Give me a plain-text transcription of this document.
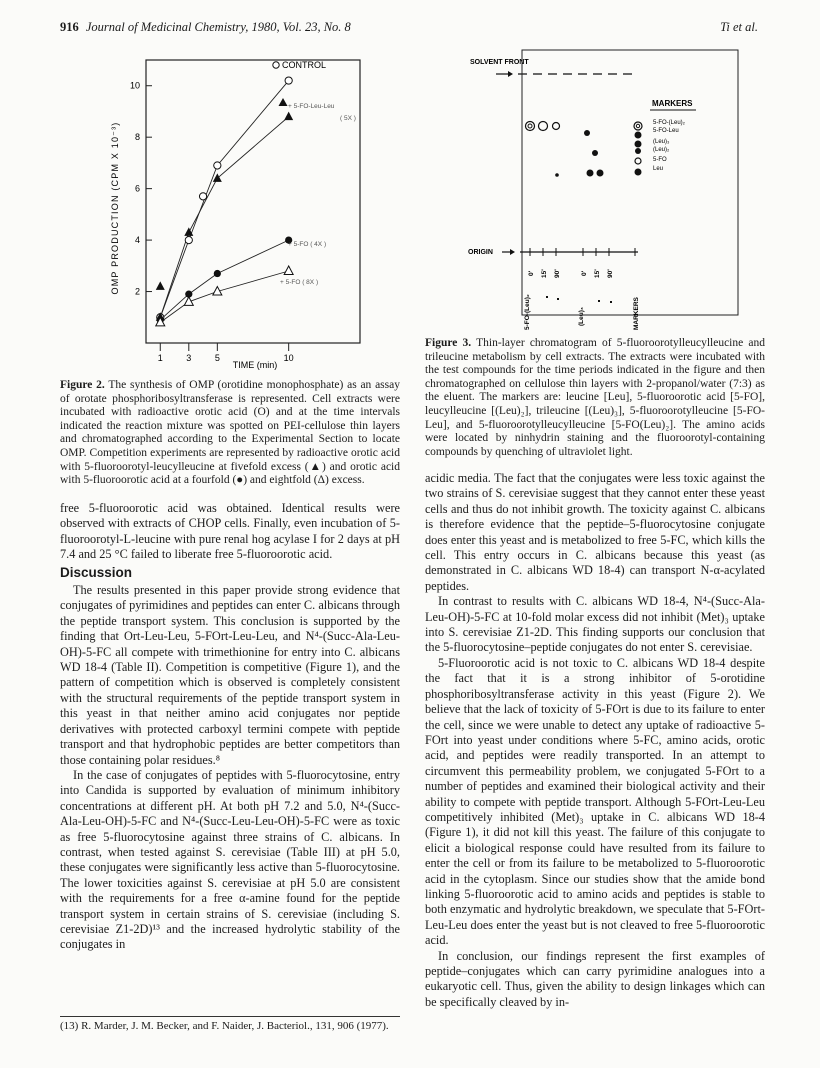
916 Journal of Medicinal Chemistry, 1980, Vol. 23, No. 8	Ti et al.
2
4
6
8
10
1	3	5	10
CONTROL
+ 5-FO-Leu-Leu
( 5X )
+ 5-FO ( 4X )
+ 5-FO ( 8X )
TIME (min)
OMP PRODUCTION (CPM X 10⁻³)
Figure 2. The synthesis of OMP (orotidine monophosphate) as an assay of orotate phosphoribosyltransferase is represented. Cell extracts were incubated with radioactive orotic acid (O) and at the time intervals indicated the reaction mixture was spotted on PEI-cellulose thin layers and chromatographed according to the Experimental Section to locate OMP. Competition experiments are represented by radioactive orotic acid with 5-fluoroorotyl-leucylleucine at fivefold excess (▲) and orotic acid with 5-fluoroorotic acid at a fourfold (●) and eightfold (Δ) excess.
SOLVENT FRONT
MARKERS
5-FO-(Leu)₂
5-FO-Leu
(Leu)₃
(Leu)₂
5-FO
Leu
ORIGIN
0' 15' 90'	0' 15' 90'
5-FO-(Leu)₂	(Leu)₃	MARKERS
Figure 3. Thin-layer chromatogram of 5-fluoroorotylleucylleucine and trileucine metabolism by cell extracts. The extracts were incubated with the test compounds for the time periods indicated in the figure and then chromatographed on cellulose thin layers with 2-propanol/water (7:3) as the eluent. The markers are: leucine [Leu], 5-fluoroorotic acid [5-FO], leucylleucine [(Leu)₂], trileucine [(Leu)₃], 5-fluoroorotylleucine [5-FO-Leu], and 5-fluoroorotylleucylleucine [5-FO(Leu)₂]. The amino acids were located by ninhydrin staining and the fluoroorotyl-containing compounds by quenching of ultraviolet light.

free 5-fluoroorotic acid was obtained. Identical results were observed with extracts of CHOP cells. Finally, even incubation of 5-fluoroorotyl-L-leucine with pure renal hog acylase I for 2 days at pH 7.4 and 25 °C failed to liberate free 5-fluoroorotic acid.

Discussion

The results presented in this paper provide strong evidence that conjugates of pyrimidines and peptides can enter C. albicans through the peptide transport system. This conclusion is supported by the finding that Ort-Leu-Leu, 5-FOrt-Leu-Leu, and N⁴-(Succ-Ala-Leu-OH)-5-FC all compete with trimethionine for entry into C. albicans WD 18-4 (Table II). Competition is competitive (Figure 1), and the pattern of competition which is observed is completely consistent with the structural requirements of the peptide transport system in this yeast in that neither amino acid conjugates nor peptide derivatives with protected carboxyl termini compete with peptide transport and that hydrophobic peptides are better competitors than those containing polar residues.⁸

In the case of conjugates of peptides with 5-fluorocytosine, entry into Candida is supported by evaluation of minimum inhibitory concentrations at different pH. At both pH 7.2 and 5.0, N⁴-(Succ-Ala-Leu-OH)-5-FC and N⁴-(Succ-Leu-Leu-OH)-5-FC were as toxic as free 5-fluorocytosine against three strains of C. albicans. In contrast, when tested against S. cerevisiae (Table III) at pH 5.0, these conjugates were significantly less active than 5-fluorocytosine. The lower toxicities against S. cerevisiae at pH 5.0 are consistent with the requirements for a free α-amine found for the peptide transport system in certain strains of S. cerevisiae (including S. cerevisiae Z1-2D)¹³ and the increased hydrolytic stability of the conjugates in

(13) R. Marder, J. M. Becker, and F. Naider, J. Bacteriol., 131, 906 (1977).

acidic media. The fact that the conjugates were less toxic against the two strains of S. cerevisiae suggest that they cannot enter these yeast cells and thus do not inhibit growth. The toxicity against C. albicans is therefore evidence that the peptide–5-fluorocytosine conjugate does enter this yeast and is metabolized to free 5-FC, which kills the cell. This entry occurs in C. albicans because this yeast (as demonstrated in C. albicans WD 18-4) can transport N-α-acylated peptides.

In contrast to results with C. albicans WD 18-4, N⁴-(Succ-Ala-Leu-OH)-5-FC at 10-fold molar excess did not inhibit (Met)₃ uptake into S. cerevisiae Z1-2D. This finding supports our conclusion that the 5-fluorocytosine–peptide conjugates do not enter S. cerevisiae.

5-Fluoroorotic acid is not toxic to C. albicans WD 18-4 despite the fact that it is a strong inhibitor of 5-orotidine phosphoribosyltransferase activity in this yeast (Figure 2). We believe that the lack of toxicity of 5-FOrt is due to its failure to enter the cell, since we were unable to detect any uptake of radioactive 5-FOrt into yeast under conditions where 5-FC, amino acids, orotic acid, and peptides were readily transported. In an attempt to circumvent this permeability problem, we conjugated 5-FOrt to a number of peptides and examined their biological activity and their ability to compete with peptide transport. Although 5-FOrt-Leu-Leu competitively inhibited (Met)₃ uptake in C. albicans WD 18-4 (Figure 1), it did not kill this yeast. The failure of this conjugate to elicit a biological response could have resulted from its failure to enter the cell or from its failure to be metabolized to 5-fluoroorotic acid in the cytoplasm. Since our studies show that the amide bond linking 5-fluoroorotic acid to amino acids and peptides is stable to both enzymatic and hydrolytic breakdown, we speculate that 5-FOrt-Leu-Leu does enter the yeast but is not cleaved to free 5-fluoroorotic acid.

In conclusion, our findings represent the first examples of peptide–conjugates which can carry pyrimidine analogues into a eukaryotic cell. Thus, given the ability to design linkages which can be specifically cleaved by in-
